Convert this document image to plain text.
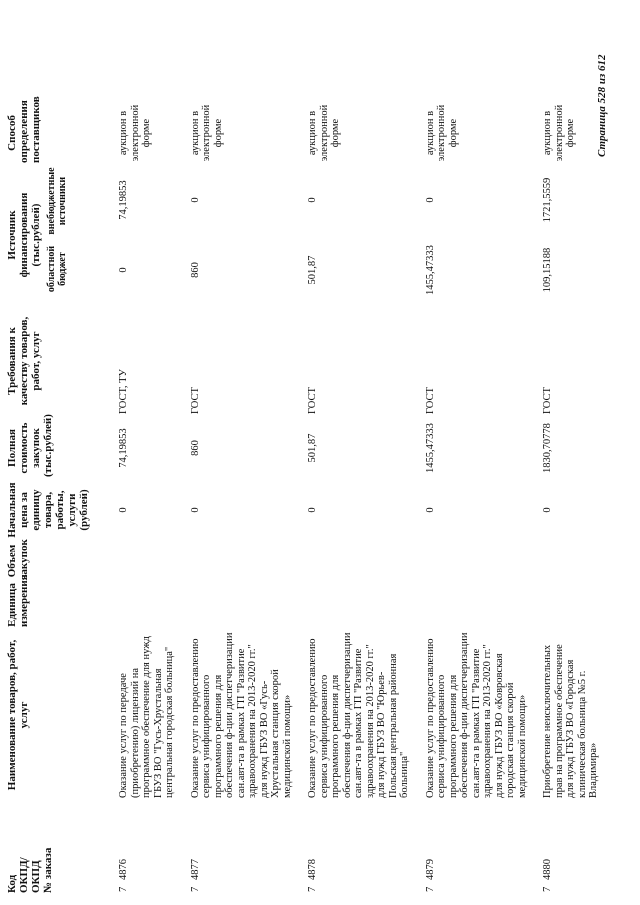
Код ОКПД/ ОКПД № заказа
Наименование товаров, работ, услуг
Единица измерения
Объем закупок
Начальная цена за единицу товара, работы, услуги (рублей)
Полная стоимость закупок (тыс.рублей)
Требования к качеству товаров, работ, услуг
Источник финансирования (тыс.рублей)
областной бюджет
внебюджетные источники
Способ определения поставщиков
7
4876
Оказание услуг по передаче (приобретению) лицензий на программное обеспечение для нужд ГБУЗ ВО "Гусь-Хрустальная центральная городская больница"
0
74,19853
ГОСТ, ТУ
0
74,19853
аукцион в электронной форме
7
4877
Оказание услуг по предоставлению сервиса унифицированного программного решения для обеспечения ф-ции диспетчеризации сан.авт-та в рамках ГП "Развитие здравоохранения на 2013-2020 гг." для нужд ГБУЗ ВО «Гусь-Хрустальная станция скорой медицинской помощи»
0
860
ГОСТ
860
0
аукцион в электронной форме
7
4878
Оказание услуг по предоставлению сервиса унифицированного программного решения для обеспечения ф-ции диспетчеризации сан.авт-та в рамках ГП "Развитие здравоохранения на 2013-2020 гг." для нужд ГБУЗ ВО "Юрьев-Польская центральная районная больница"
0
501,87
ГОСТ
501,87
0
аукцион в электронной форме
7
4879
Оказание услуг по предоставлению сервиса унифицированного программного решения для обеспечения ф-ции диспетчеризации сан.авт-та в рамках ГП "Развитие здравоохранения на 2013-2020 гг." для нужд ГБУЗ ВО «Ковровская городская станция скорой медицинской помощи»
0
1455,47333
ГОСТ
1455,47333
0
аукцион в электронной форме
7
4880
Приобретение неисключительных прав на программное обеспечение для нужд ГБУЗ ВО «Городская клиническая больница №5 г. Владимира»
0
1830,70778
ГОСТ
109,15188
1721,5559
аукцион в электронной форме	Страница 528 из 612
